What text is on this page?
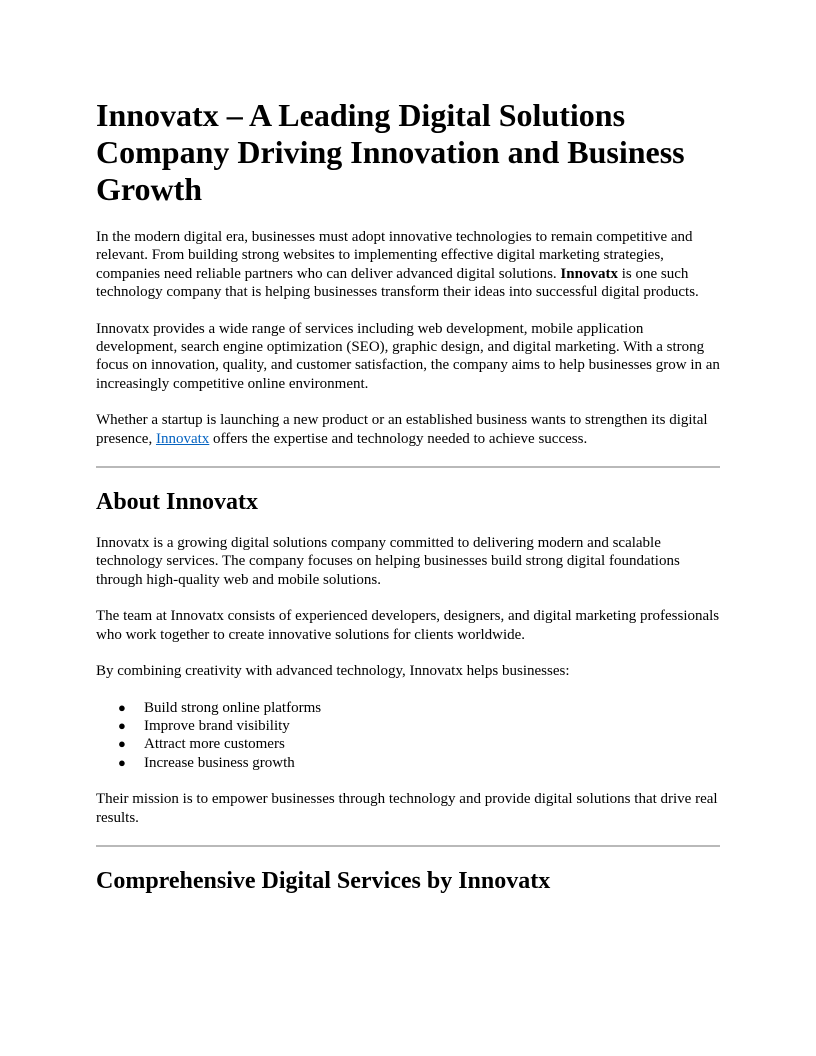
Innovatx – A Leading Digital Solutions Company Driving Innovation and Business Growth

In the modern digital era, businesses must adopt innovative technologies to remain competitive and relevant. From building strong websites to implementing effective digital marketing strategies, companies need reliable partners who can deliver advanced digital solutions. Innovatx is one such technology company that is helping businesses transform their ideas into successful digital products.

Innovatx provides a wide range of services including web development, mobile application development, search engine optimization (SEO), graphic design, and digital marketing. With a strong focus on innovation, quality, and customer satisfaction, the company aims to help businesses grow in an increasingly competitive online environment.

Whether a startup is launching a new product or an established business wants to strengthen its digital presence, Innovatx offers the expertise and technology needed to achieve success.

About Innovatx

Innovatx is a growing digital solutions company committed to delivering modern and scalable technology services. The company focuses on helping businesses build strong digital foundations through high-quality web and mobile solutions.

The team at Innovatx consists of experienced developers, designers, and digital marketing professionals who work together to create innovative solutions for clients worldwide.

By combining creativity with advanced technology, Innovatx helps businesses:

● Build strong online platforms
● Improve brand visibility
● Attract more customers
● Increase business growth

Their mission is to empower businesses through technology and provide digital solutions that drive real results.

Comprehensive Digital Services by Innovatx
